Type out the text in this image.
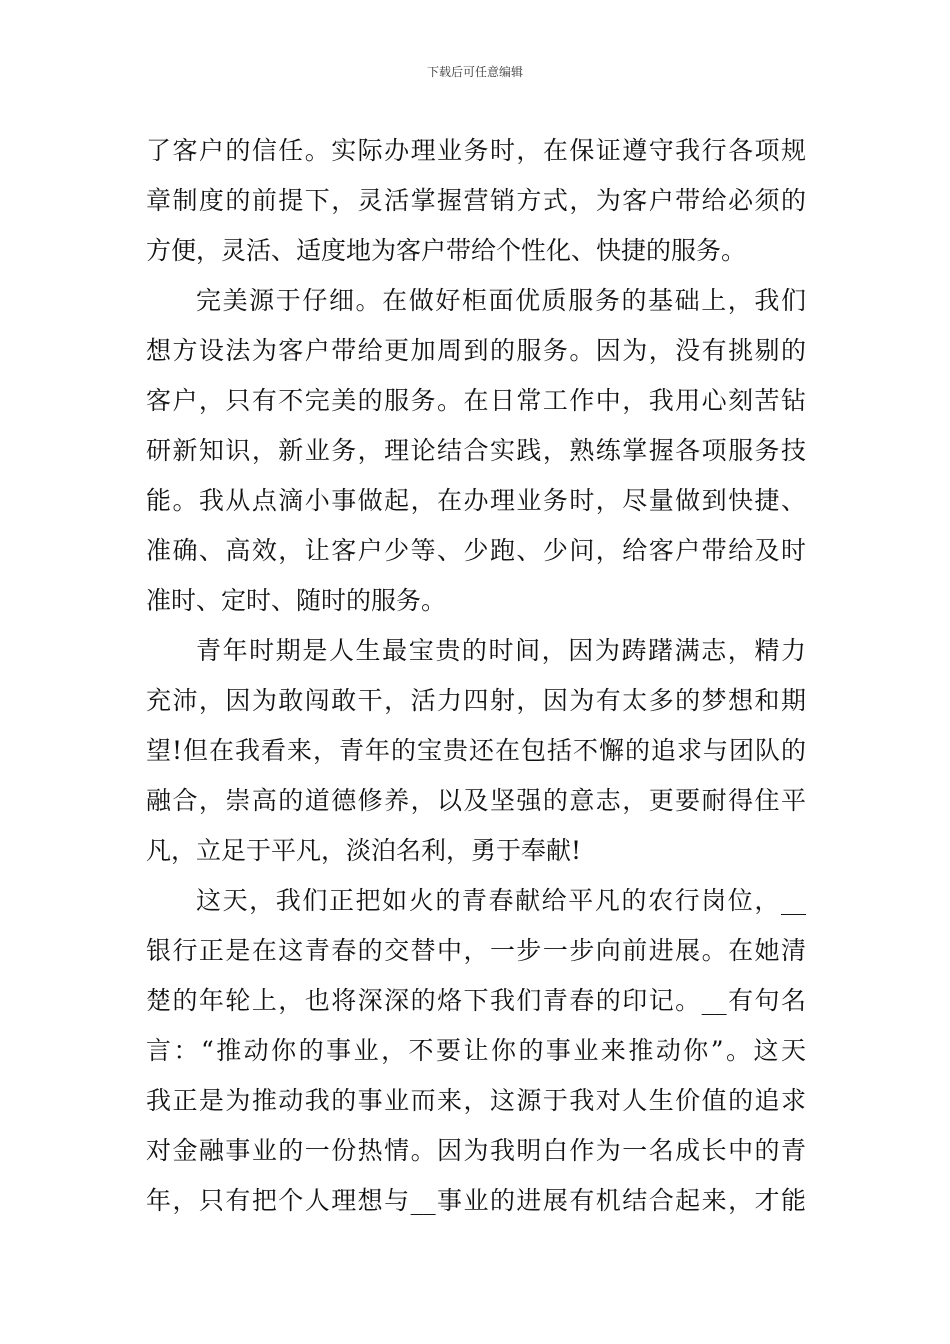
下载后可任意编辑
了客户的信任。实际办理业务时，在保证遵守我行各项规
章制度的前提下，灵活掌握营销方式，为客户带给必须的
方便，灵活、适度地为客户带给个性化、快捷的服务。
完美源于仔细。在做好柜面优质服务的基础上，我们
想方设法为客户带给更加周到的服务。因为，没有挑剔的
客户，只有不完美的服务。在日常工作中，我用心刻苦钻
研新知识，新业务，理论结合实践，熟练掌握各项服务技
能。我从点滴小事做起，在办理业务时，尽量做到快捷、
准确、高效，让客户少等、少跑、少问，给客户带给及时
准时、定时、随时的服务。
青年时期是人生最宝贵的时间，因为踌躇满志，精力
充沛，因为敢闯敢干，活力四射，因为有太多的梦想和期
望!但在我看来，青年的宝贵还在包括不懈的追求与团队的
融合，崇高的道德修养，以及坚强的意志，更要耐得住平
凡，立足于平凡，淡泊名利，勇于奉献!
这天，我们正把如火的青春献给平凡的农行岗位，__
银行正是在这青春的交替中，一步一步向前进展。在她清
楚的年轮上，也将深深的烙下我们青春的印记。__有句名
言：“推动你的事业，不要让你的事业来推动你”。这天
我正是为推动我的事业而来，这源于我对人生价值的追求
对金融事业的一份热情。因为我明白作为一名成长中的青
年，只有把个人理想与__事业的进展有机结合起来，才能
